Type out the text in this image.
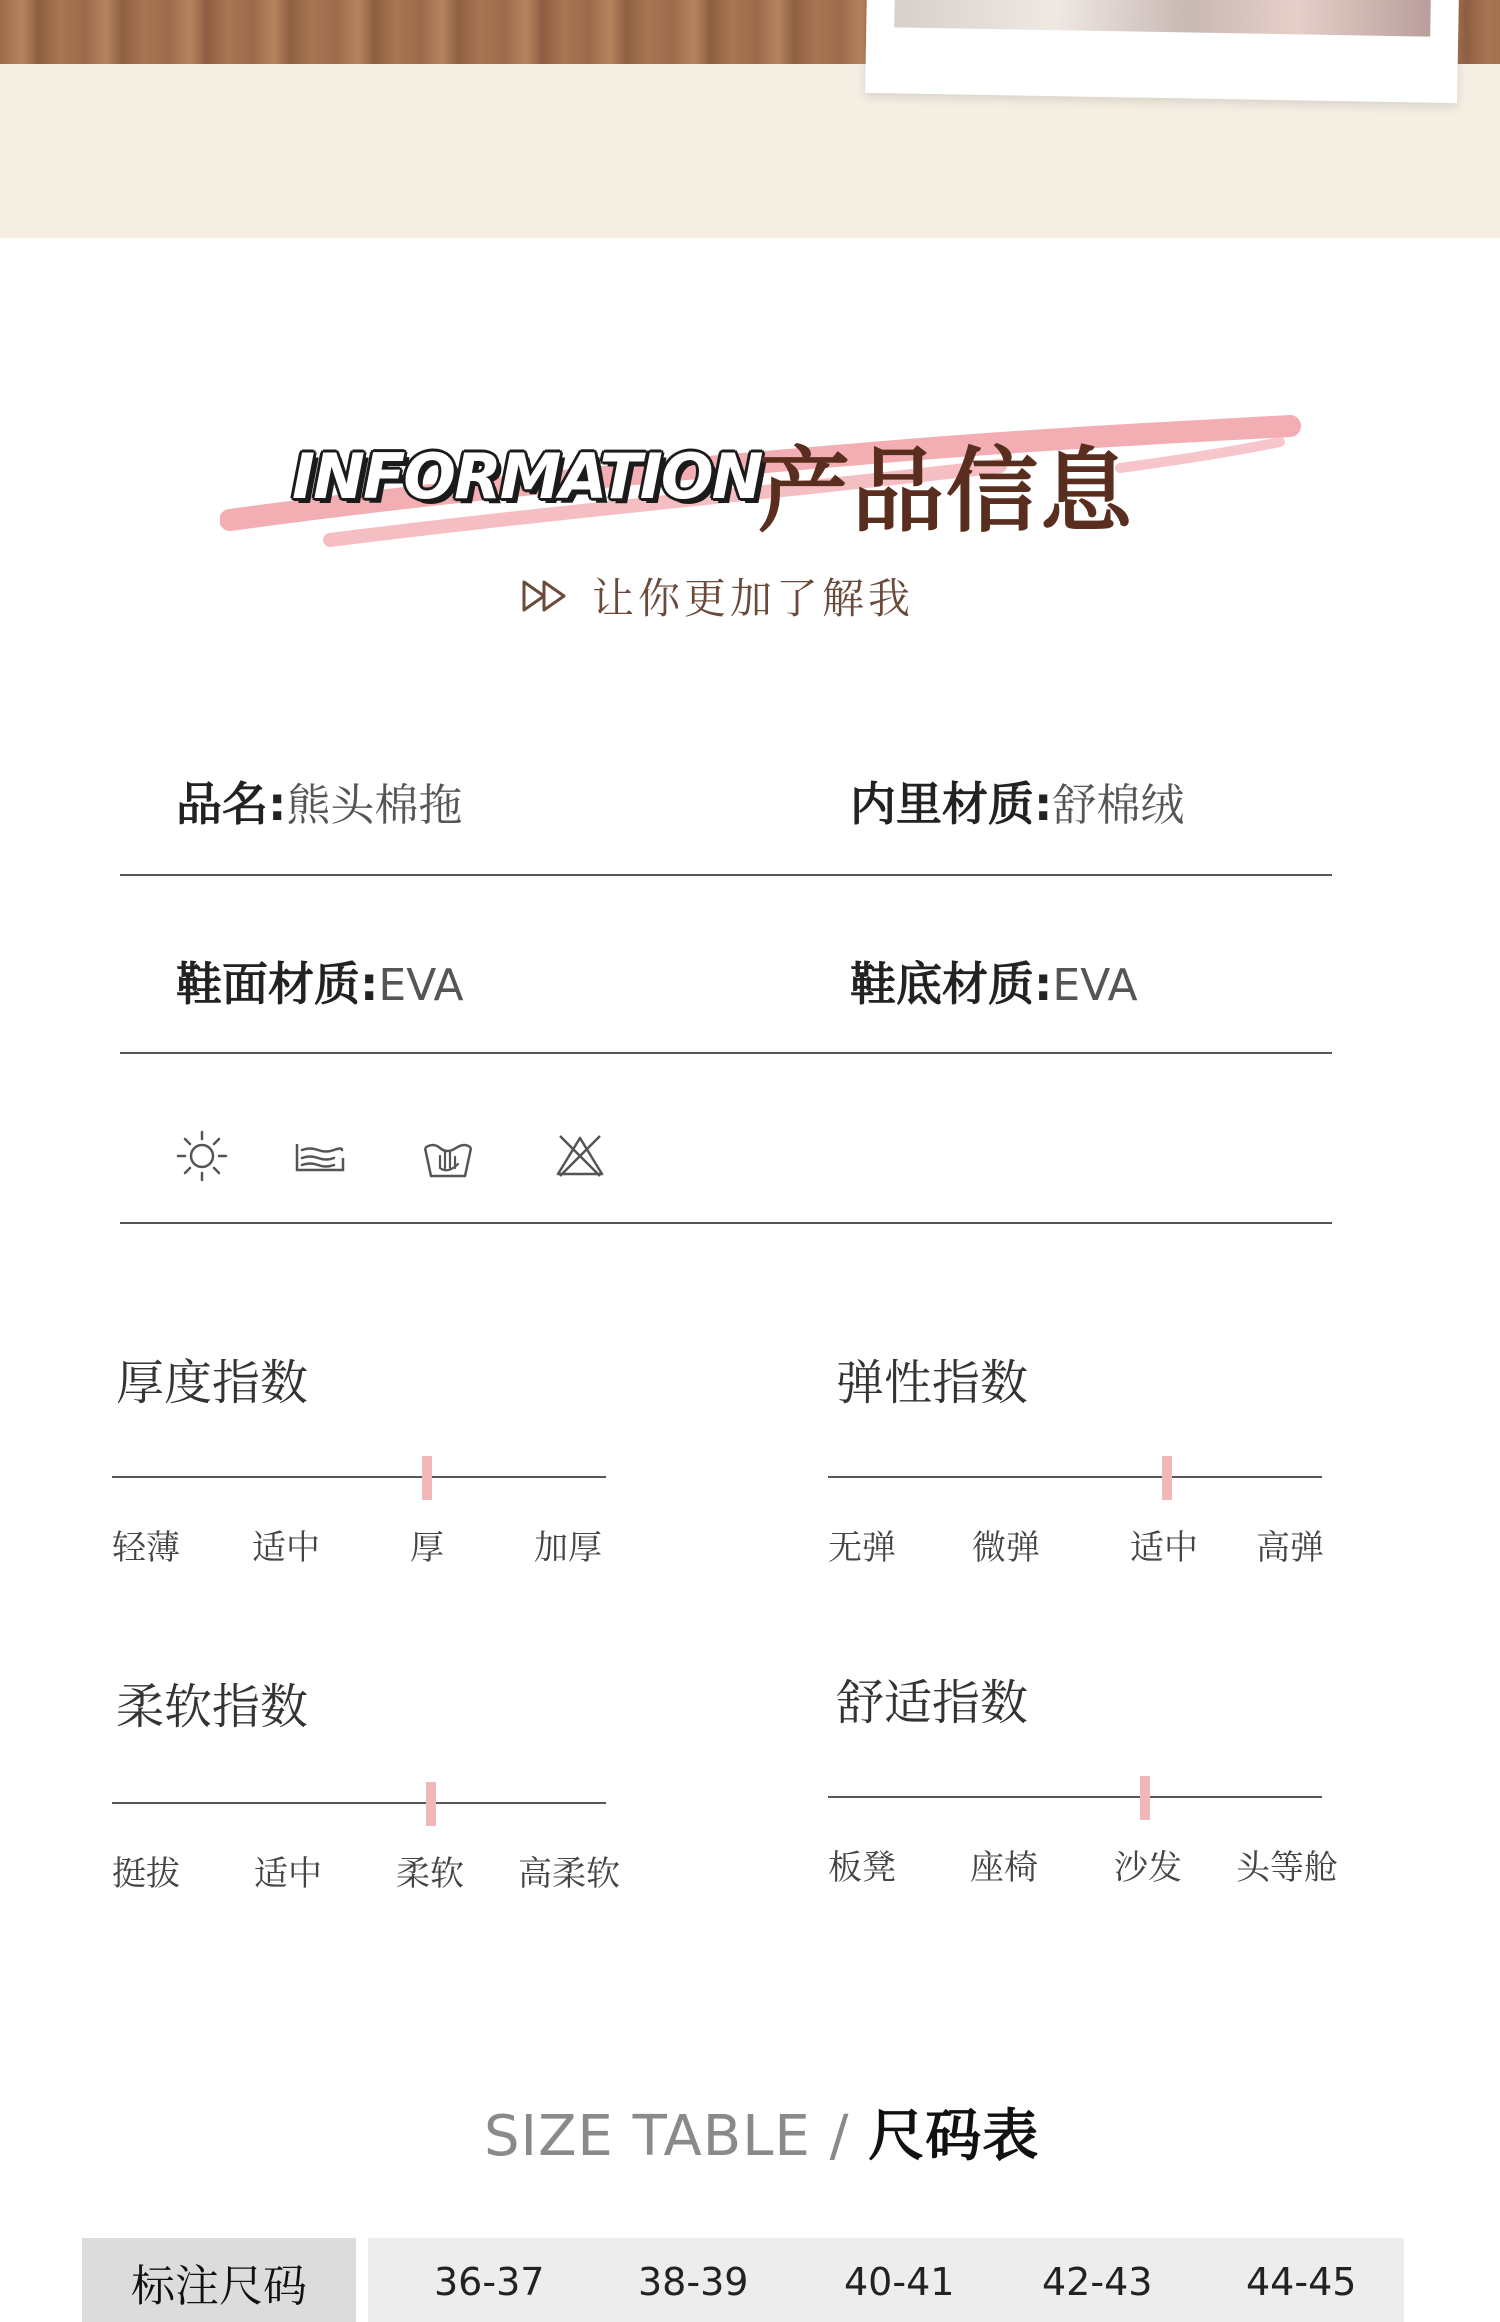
INFORMATION
产品信息
让你更加了解我
品名:熊头棉拖	内里材质:舒棉绒
鞋面材质:EVA	鞋底材质:EVA
厚度指数
轻薄 适中	厚	加厚
弹性指数
无弹 微弹	适中 高弹
柔软指数
挺拔 适中 柔软 高柔软
舒适指数
板凳 座椅 沙发 头等舱
SIZE TABLE / 尺码表
标注尺码	36-37 38-39	40-41 42-43 44-45
